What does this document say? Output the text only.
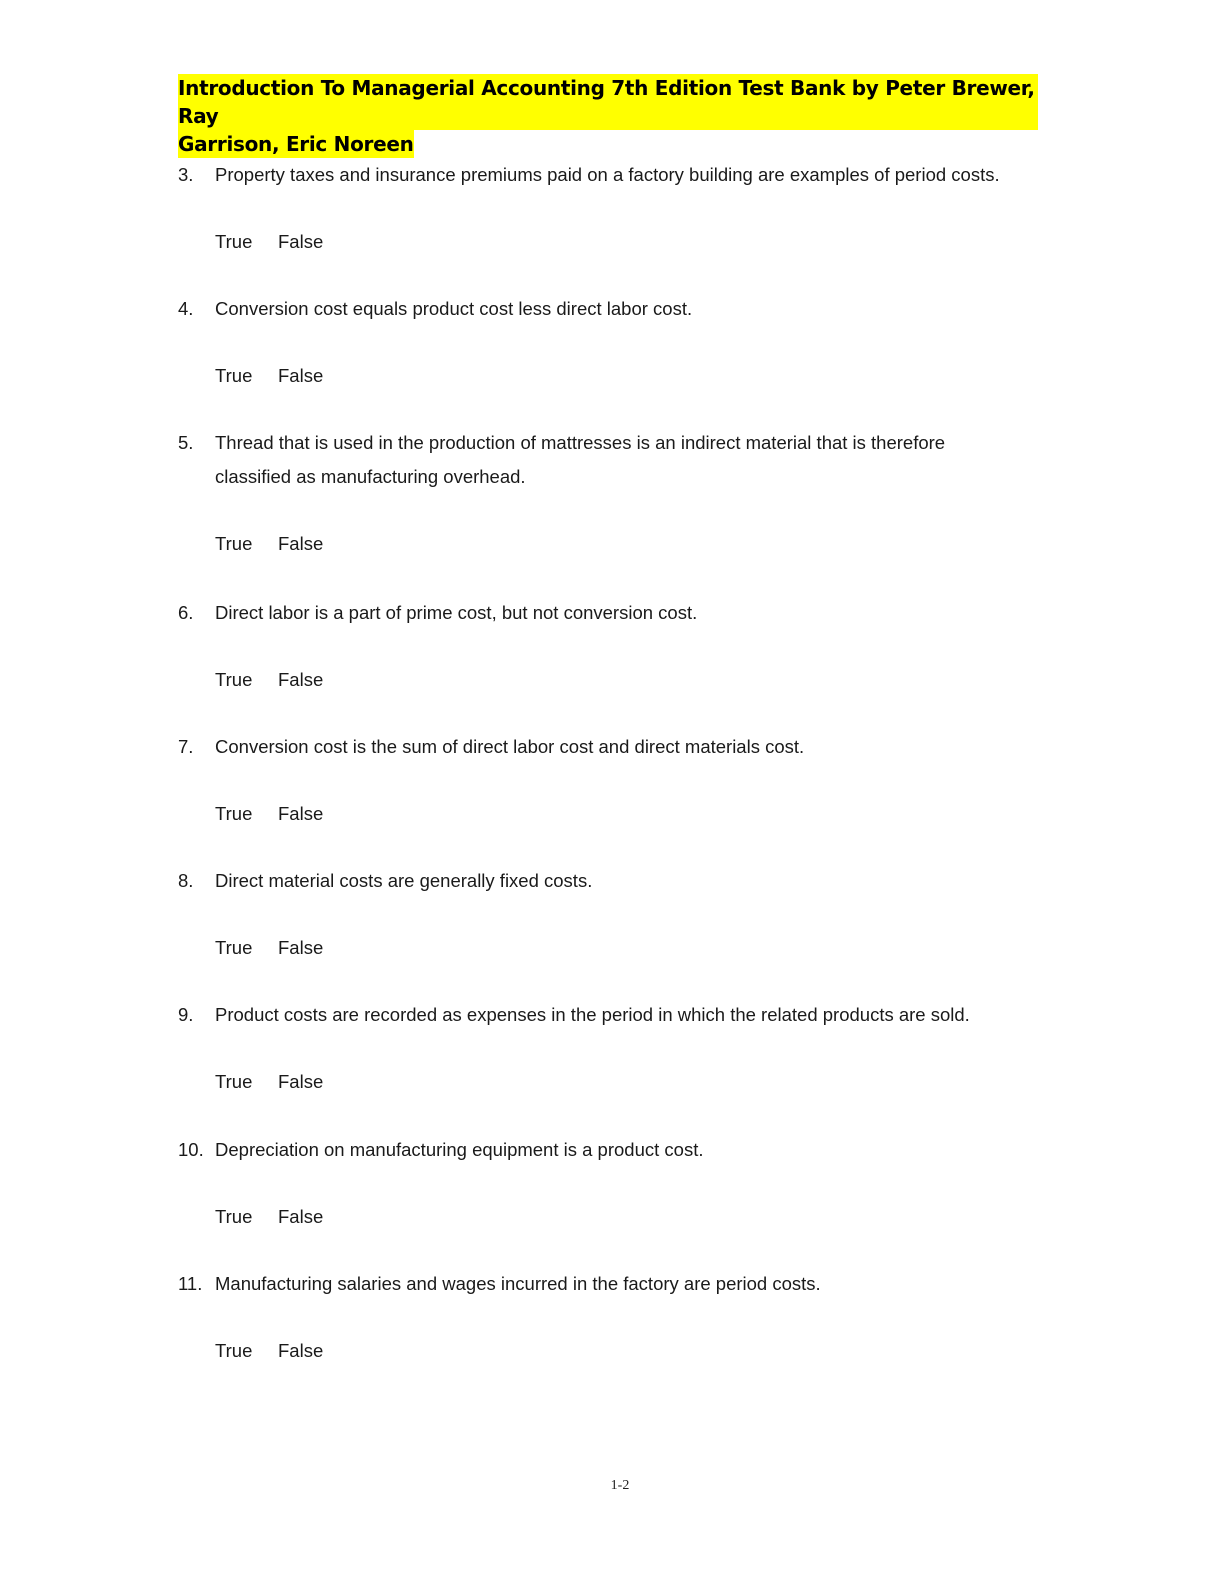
Introduction To Managerial Accounting 7th Edition Test Bank by Peter Brewer, Ray
Garrison, Eric Noreen
3.	Property taxes and insurance premiums paid on a factory building are examples of period costs.
True False
4.	Conversion cost equals product cost less direct labor cost.
True False
5.	Thread that is used in the production of mattresses is an indirect material that is therefore classified as manufacturing overhead.
True False
6.	Direct labor is a part of prime cost, but not conversion cost.
True False
7.	Conversion cost is the sum of direct labor cost and direct materials cost.
True False
8.	Direct material costs are generally fixed costs.
True False
9.	Product costs are recorded as expenses in the period in which the related products are sold.
True False
10. Depreciation on manufacturing equipment is a product cost.
True False
11. Manufacturing salaries and wages incurred in the factory are period costs.
True False
1-2
